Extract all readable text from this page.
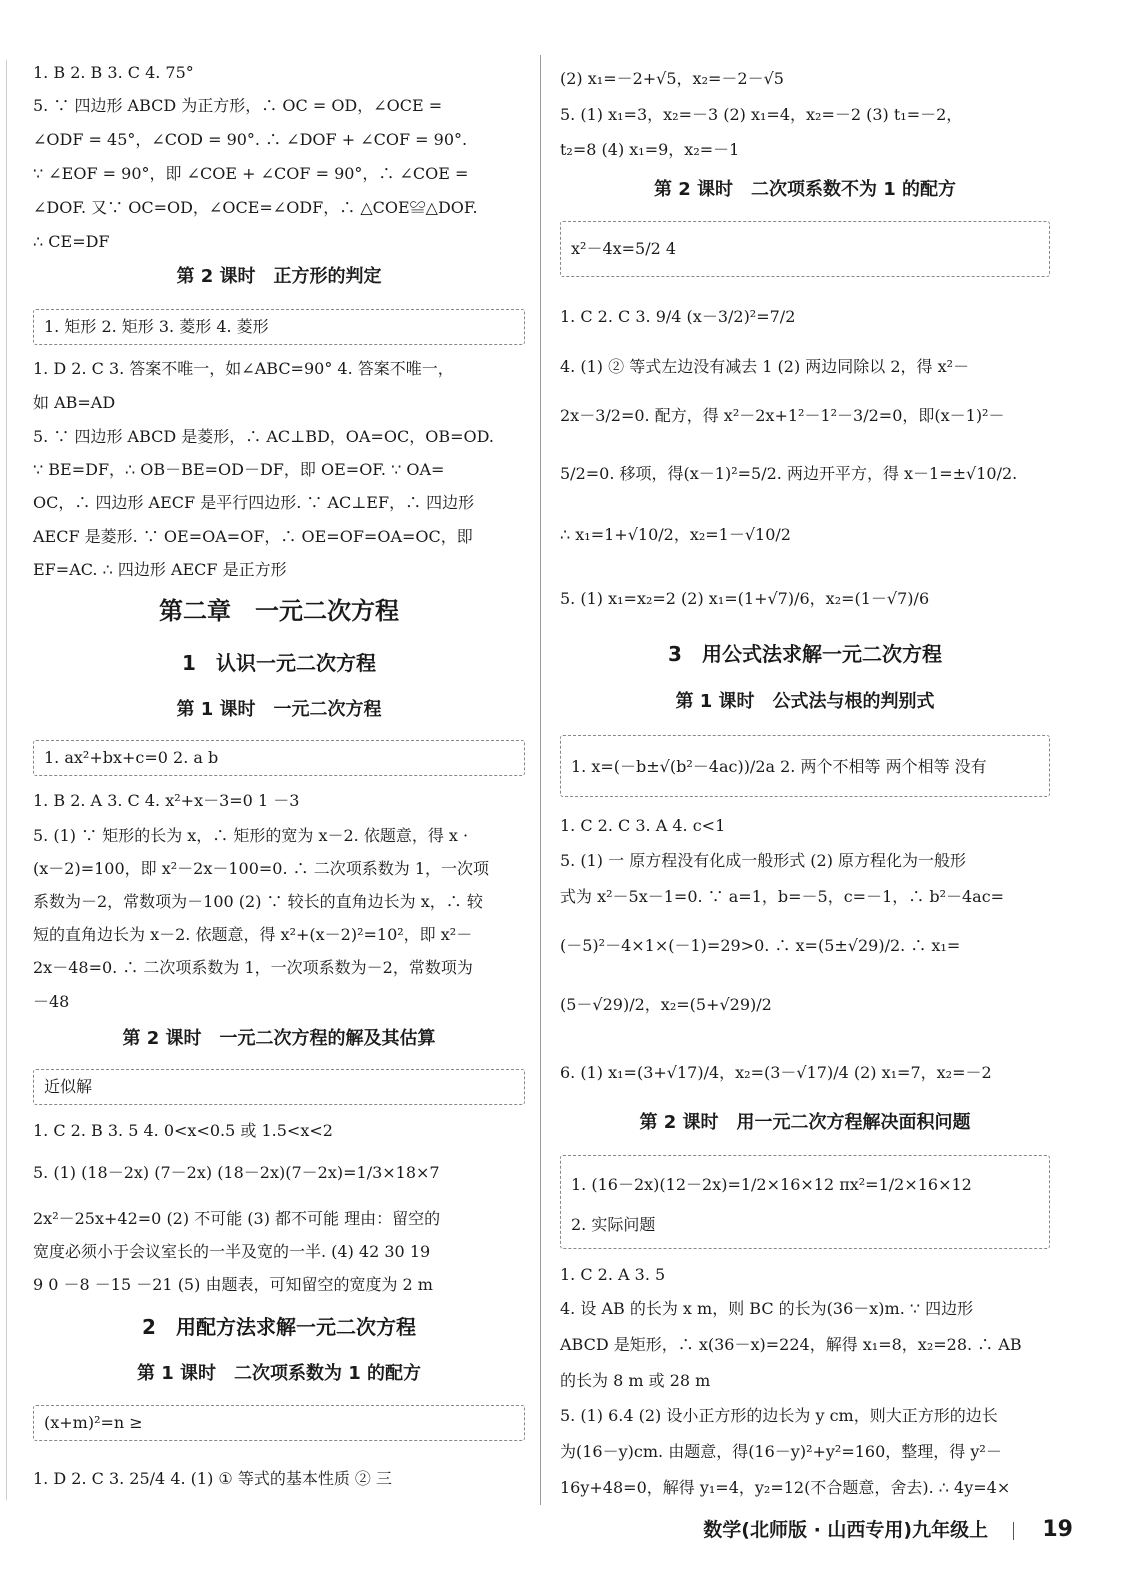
1. B 2. B 3. C 4. 75°
5. ∵ 四边形 ABCD 为正方形，∴ OC = OD，∠OCE =
∠ODF = 45°，∠COD = 90°. ∴ ∠DOF + ∠COF = 90°.
∵ ∠EOF = 90°，即 ∠COE + ∠COF = 90°，∴ ∠COE =
∠DOF. 又∵ OC=OD，∠OCE=∠ODF，∴ △COE≌△DOF.
∴ CE=DF
第 2 课时　正方形的判定
1. 矩形 2. 矩形 3. 菱形 4. 菱形
1. D 2. C 3. 答案不唯一，如∠ABC=90° 4. 答案不唯一，
如 AB=AD
5. ∵ 四边形 ABCD 是菱形，∴ AC⊥BD，OA=OC，OB=OD.
∵ BE=DF，∴ OB－BE=OD－DF，即 OE=OF. ∵ OA=
OC，∴ 四边形 AECF 是平行四边形. ∵ AC⊥EF，∴ 四边形
AECF 是菱形. ∵ OE=OA=OF，∴ OE=OF=OA=OC，即
EF=AC. ∴ 四边形 AECF 是正方形
第二章　一元二次方程
1　认识一元二次方程
第 1 课时　一元二次方程
1. ax²+bx+c=0 2. a b
1. B 2. A 3. C 4. x²+x－3=0 1 －3
5. (1) ∵ 矩形的长为 x，∴ 矩形的宽为 x－2. 依题意，得 x ·
(x－2)=100，即 x²－2x－100=0. ∴ 二次项系数为 1，一次项
系数为－2，常数项为－100 (2) ∵ 较长的直角边长为 x，∴ 较
短的直角边长为 x－2. 依题意，得 x²+(x－2)²=10²，即 x²－
2x－48=0. ∴ 二次项系数为 1，一次项系数为－2，常数项为
－48
第 2 课时　一元二次方程的解及其估算
近似解
1. C 2. B 3. 5 4. 0<x<0.5 或 1.5<x<2
5. (1) (18－2x) (7－2x) (18－2x)(7－2x)=1/3×18×7
2x²－25x+42=0 (2) 不可能 (3) 都不可能 理由：留空的
宽度必须小于会议室长的一半及宽的一半. (4) 42 30 19
9 0 －8 －15 －21 (5) 由题表，可知留空的宽度为 2 m
2　用配方法求解一元二次方程
第 1 课时　二次项系数为 1 的配方
(x+m)²=n ≥
1. D 2. C 3. 25/4 4. (1) ① 等式的基本性质 ② 三
(2) x₁=－2+√5，x₂=－2－√5
5. (1) x₁=3，x₂=－3 (2) x₁=4，x₂=－2 (3) t₁=－2，
t₂=8 (4) x₁=9，x₂=－1
第 2 课时　二次项系数不为 1 的配方
x²－4x=5/2 4
1. C 2. C 3. 9/4 (x－3/2)²=7/2
4. (1) ② 等式左边没有减去 1 (2) 两边同除以 2，得 x²－
2x－3/2=0. 配方，得 x²－2x+1²－1²－3/2=0，即(x－1)²－
5/2=0. 移项，得(x－1)²=5/2. 两边开平方，得 x－1=±√10/2.
∴ x₁=1+√10/2，x₂=1－√10/2
5. (1) x₁=x₂=2 (2) x₁=(1+√7)/6，x₂=(1－√7)/6
3　用公式法求解一元二次方程
第 1 课时　公式法与根的判别式
1. x=(－b±√(b²－4ac))/2a 2. 两个不相等 两个相等 没有
1. C 2. C 3. A 4. c<1
5. (1) 一 原方程没有化成一般形式 (2) 原方程化为一般形
式为 x²－5x－1=0. ∵ a=1，b=－5，c=－1，∴ b²－4ac=
(－5)²－4×1×(－1)=29>0. ∴ x=(5±√29)/2. ∴ x₁=
(5－√29)/2，x₂=(5+√29)/2
6. (1) x₁=(3+√17)/4，x₂=(3－√17)/4 (2) x₁=7，x₂=－2
第 2 课时　用一元二次方程解决面积问题
1. (16－2x)(12－2x)=1/2×16×12 πx²=1/2×16×12
2. 实际问题
1. C 2. A 3. 5
4. 设 AB 的长为 x m，则 BC 的长为(36－x)m. ∵ 四边形
ABCD 是矩形，∴ x(36－x)=224，解得 x₁=8，x₂=28. ∴ AB
的长为 8 m 或 28 m
5. (1) 6.4 (2) 设小正方形的边长为 y cm，则大正方形的边长
为(16－y)cm. 由题意，得(16－y)²+y²=160，整理，得 y²－
16y+48=0，解得 y₁=4，y₂=12(不合题意，舍去). ∴ 4y=4×
数学(北师版 · 山西专用)九年级上 19
